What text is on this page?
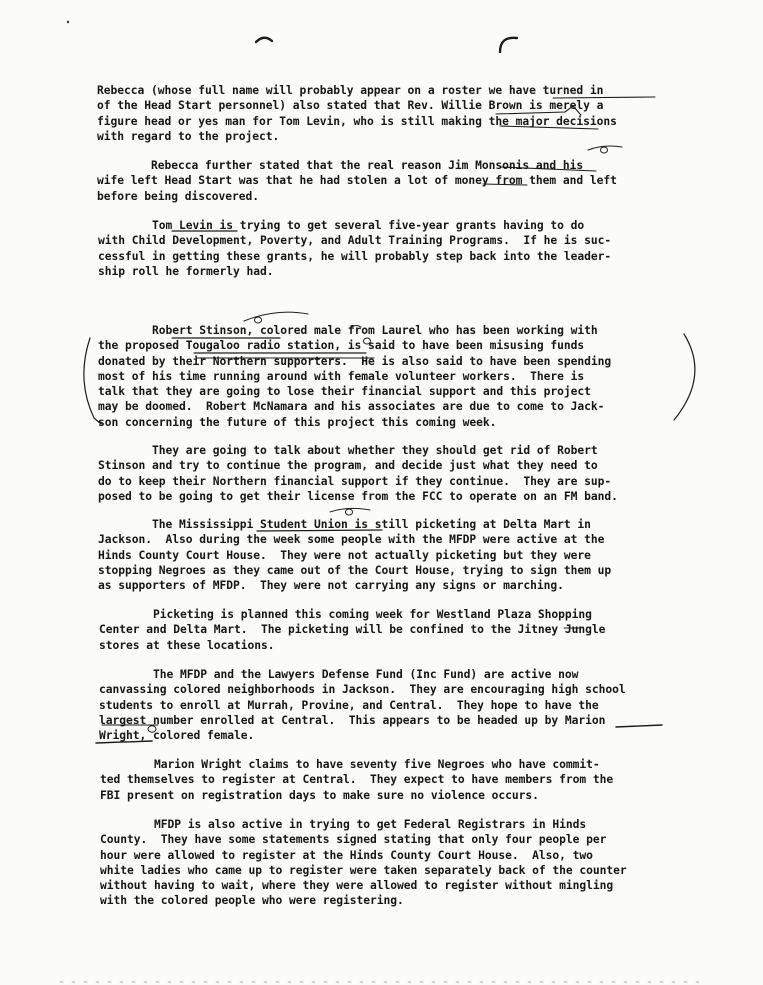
Rebecca (whose full name will probably appear on a roster we have turned in
of the Head Start personnel) also stated that Rev. Willie Brown is merely a
figure head or yes man for Tom Levin, who is still making the major decisions
with regard to the project.

Rebecca further stated that the real reason Jim Monsonis and his
wife left Head Start was that he had stolen a lot of money from them and left
before being discovered.

Tom Levin is trying to get several five-year grants having to do
with Child Development, Poverty, and Adult Training Programs.  If he is suc-
cessful in getting these grants, he will probably step back into the leader-
ship roll he formerly had.

Robert Stinson, colored male from Laurel who has been working with
the proposed Tougaloo radio station, is said to have been misusing funds
donated by their Northern supporters.  He is also said to have been spending
most of his time running around with female volunteer workers.  There is
talk that they are going to lose their financial support and this project
may be doomed.  Robert McNamara and his associates are due to come to Jack-
son concerning the future of this project this coming week.

They are going to talk about whether they should get rid of Robert
Stinson and try to continue the program, and decide just what they need to
do to keep their Northern financial support if they continue.  They are sup-
posed to be going to get their license from the FCC to operate on an FM band.

The Mississippi Student Union is still picketing at Delta Mart in
Jackson.  Also during the week some people with the MFDP were active at the
Hinds County Court House.  They were not actually picketing but they were
stopping Negroes as they came out of the Court House, trying to sign them up
as supporters of MFDP.  They were not carrying any signs or marching.

Picketing is planned this coming week for Westland Plaza Shopping
Center and Delta Mart.  The picketing will be confined to the Jitney Jungle
stores at these locations.

The MFDP and the Lawyers Defense Fund (Inc Fund) are active now
canvassing colored neighborhoods in Jackson.  They are encouraging high school
students to enroll at Murrah, Provine, and Central.  They hope to have the
largest number enrolled at Central.  This appears to be headed up by Marion
Wright, colored female.

Marion Wright claims to have seventy five Negroes who have commit-
ted themselves to register at Central.  They expect to have members from the
FBI present on registration days to make sure no violence occurs.

MFDP is also active in trying to get Federal Registrars in Hinds
County.  They have some statements signed stating that only four people per
hour were allowed to register at the Hinds County Court House.  Also, two
white ladies who came up to register were taken separately back of the counter
without having to wait, where they were allowed to register without mingling
with the colored people who were registering.
